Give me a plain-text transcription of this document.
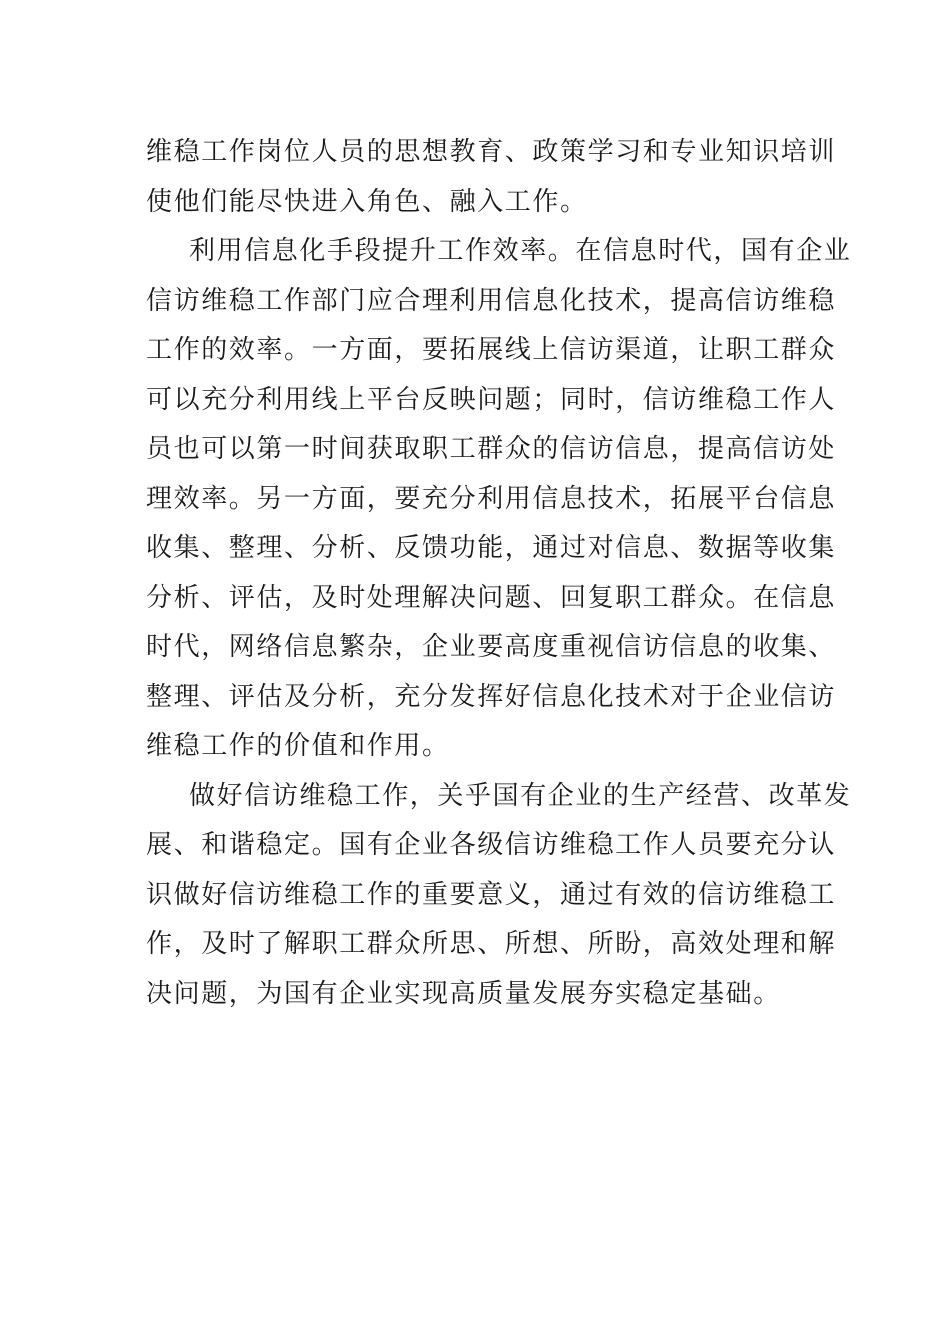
维稳工作岗位人员的思想教育、政策学习和专业知识培训
使他们能尽快进入角色、融入工作。
利用信息化手段提升工作效率。在信息时代，国有企业
信访维稳工作部门应合理利用信息化技术，提高信访维稳
工作的效率。一方面，要拓展线上信访渠道，让职工群众
可以充分利用线上平台反映问题；同时，信访维稳工作人
员也可以第一时间获取职工群众的信访信息，提高信访处
理效率。另一方面，要充分利用信息技术，拓展平台信息
收集、整理、分析、反馈功能，通过对信息、数据等收集
分析、评估，及时处理解决问题、回复职工群众。在信息
时代，网络信息繁杂，企业要高度重视信访信息的收集、
整理、评估及分析，充分发挥好信息化技术对于企业信访
维稳工作的价值和作用。
做好信访维稳工作，关乎国有企业的生产经营、改革发
展、和谐稳定。国有企业各级信访维稳工作人员要充分认
识做好信访维稳工作的重要意义，通过有效的信访维稳工
作，及时了解职工群众所思、所想、所盼，高效处理和解
决问题，为国有企业实现高质量发展夯实稳定基础。
